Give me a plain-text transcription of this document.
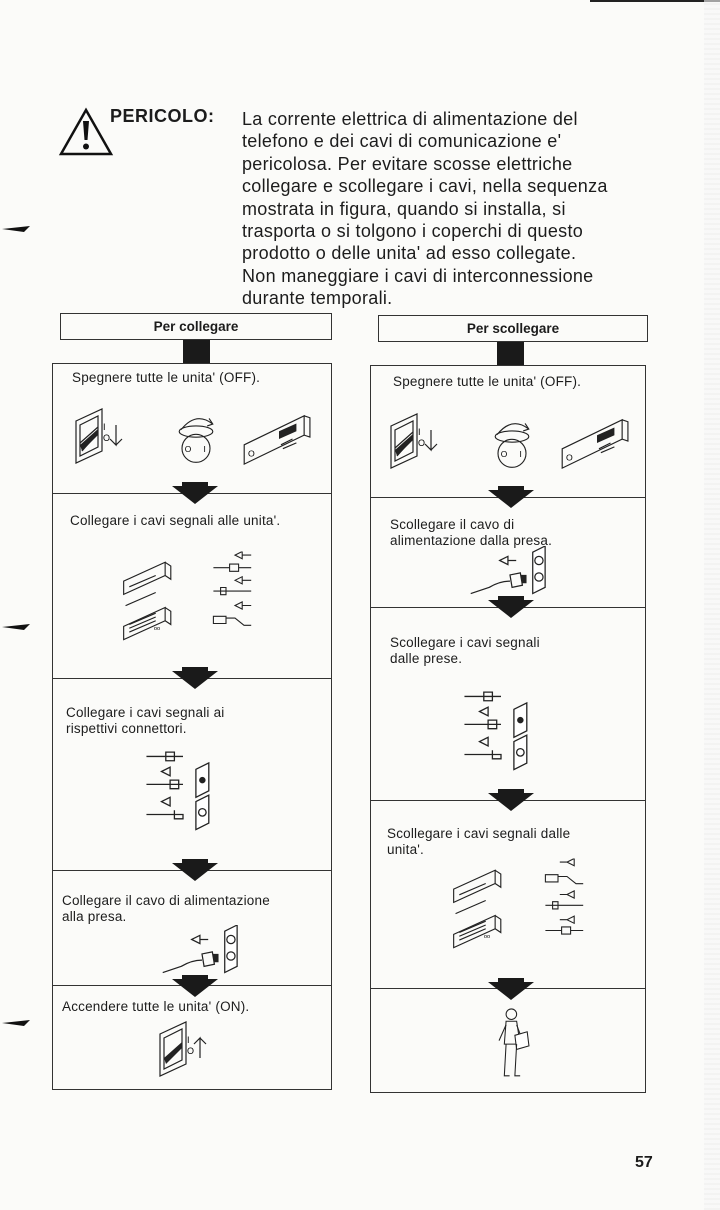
PERICOLO: La corrente elettrica di alimentazione del

telefono e dei cavi di comunicazione e'

pericolosa. Per evitare scosse elettriche

collegare e scollegare i cavi, nella sequenza

mostrata in figura, quando si installa, si

trasporta o si tolgono i coperchi di questo

prodotto o delle unita' ad esso collegate.

Non maneggiare i cavi di interconnessione

durante temporali.

Per collegare
Spegnere tutte le unita' (OFF).
Collegare i cavi segnali alle unita'.
Collegare i cavi segnali ai
rispettivi connettori.
Collegare il cavo di alimentazione
alla presa.
Accendere tutte le unita' (ON).
Per scollegare
Spegnere tutte le unita' (OFF).
Scollegare il cavo di
alimentazione dalla presa.
Scollegare i cavi segnali
dalle prese.
Scollegare i cavi segnali dalle
unita'.
57
